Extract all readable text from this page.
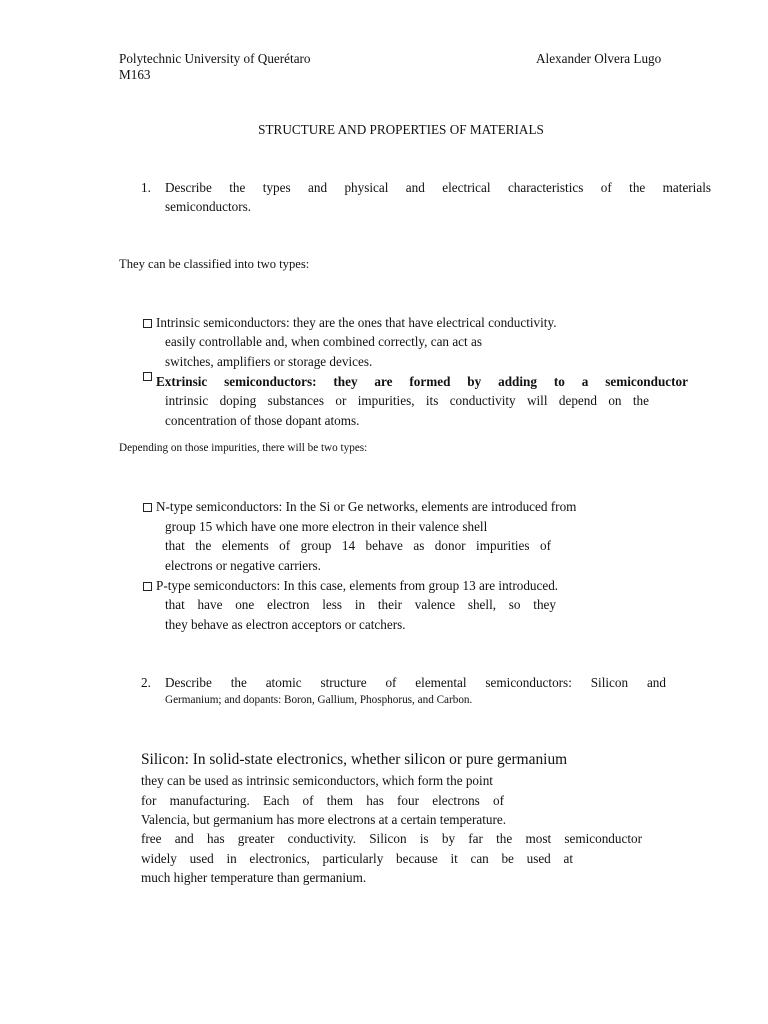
Polytechnic University of Querétaro	Alexander Olvera Lugo
M163
STRUCTURE AND PROPERTIES OF MATERIALS
1. Describe the types and physical and electrical characteristics of the materials
semiconductors.
They can be classified into two types:
Intrinsic semiconductors: they are the ones that have electrical conductivity.
easily controllable and, when combined correctly, can act as
switches, amplifiers or storage devices.
Extrinsic semiconductors: they are formed by adding to a semiconductor
intrinsic doping substances or impurities, its conductivity will depend on the
concentration of those dopant atoms.
Depending on those impurities, there will be two types:
N-type semiconductors: In the Si or Ge networks, elements are introduced from
group 15 which have one more electron in their valence shell
that the elements of group 14 behave as donor impurities of
electrons or negative carriers.
P-type semiconductors: In this case, elements from group 13 are introduced.
that have one electron less in their valence shell, so they
they behave as electron acceptors or catchers.
2. Describe the atomic structure of elemental semiconductors: Silicon and
Germanium; and dopants: Boron, Gallium, Phosphorus, and Carbon.
Silicon: In solid-state electronics, whether silicon or pure germanium
they can be used as intrinsic semiconductors, which form the point
for manufacturing. Each of them has four electrons of
Valencia, but germanium has more electrons at a certain temperature.
free and has greater conductivity. Silicon is by far the most semiconductor
widely used in electronics, particularly because it can be used at
much higher temperature than germanium.
